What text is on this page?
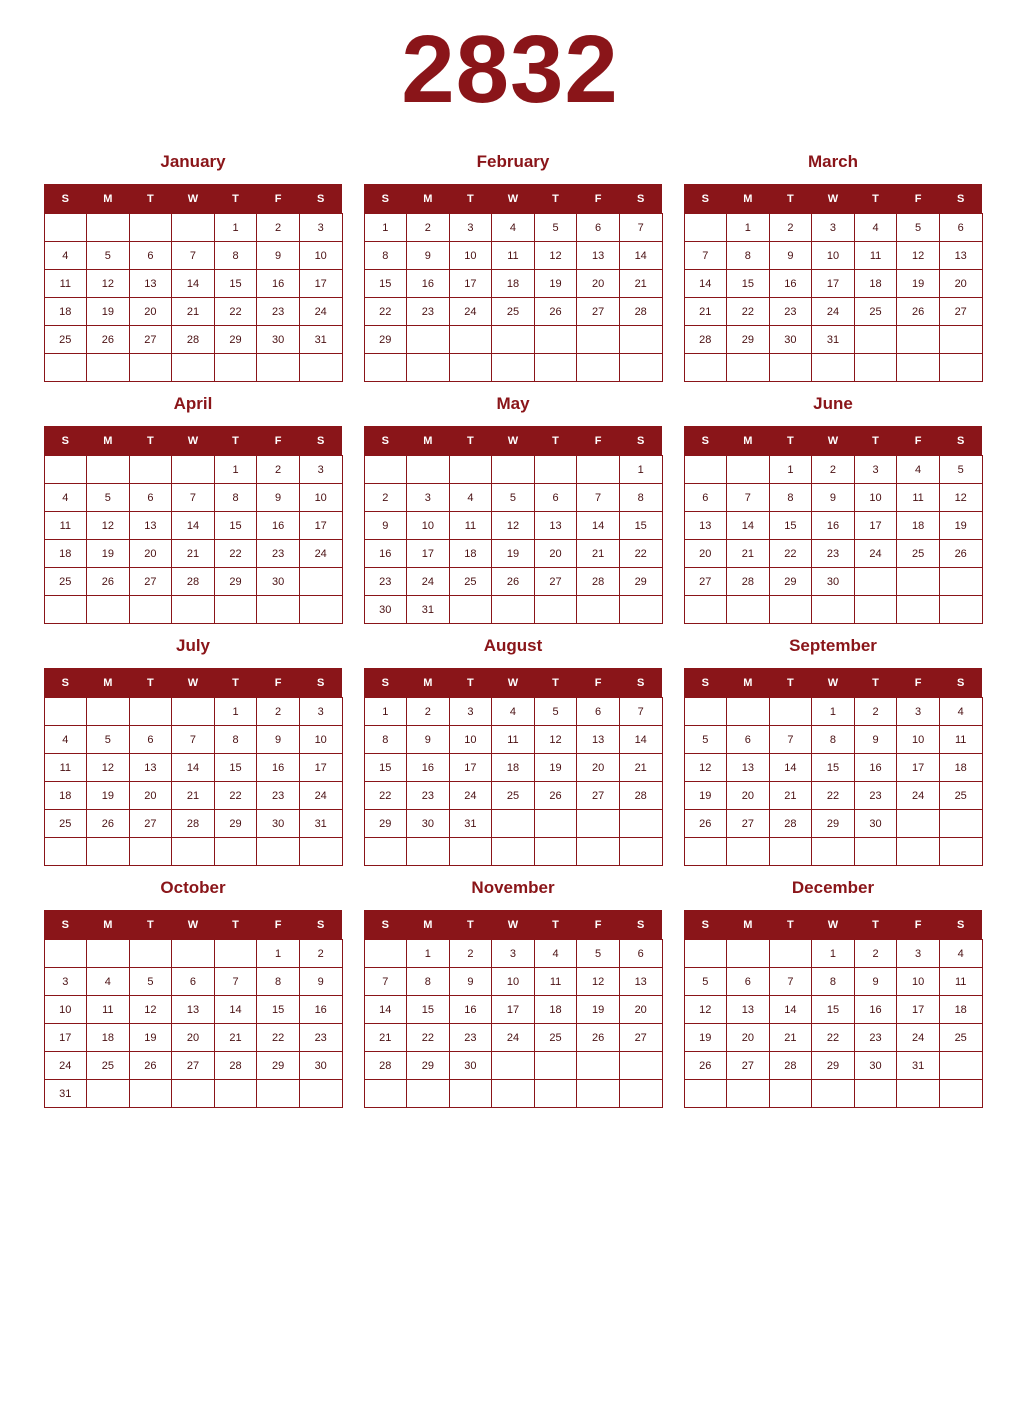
2832
January
S	M	T	W	T	F	S
				1	2	3
4	5	6	7	8	9	10
11	12	13	14	15	16	17
18	19	20	21	22	23	24
25	26	27	28	29	30	31

February
S	M	T	W	T	F	S
1	2	3	4	5	6	7
8	9	10	11	12	13	14
15	16	17	18	19	20	21
22	23	24	25	26	27	28
29						

March
S	M	T	W	T	F	S
	1	2	3	4	5	6
7	8	9	10	11	12	13
14	15	16	17	18	19	20
21	22	23	24	25	26	27
28	29	30	31			

April
S	M	T	W	T	F	S
				1	2	3
4	5	6	7	8	9	10
11	12	13	14	15	16	17
18	19	20	21	22	23	24
25	26	27	28	29	30	

May
S	M	T	W	T	F	S
						1
2	3	4	5	6	7	8
9	10	11	12	13	14	15
16	17	18	19	20	21	22
23	24	25	26	27	28	29
30	31					
June
S	M	T	W	T	F	S
		1	2	3	4	5
6	7	8	9	10	11	12
13	14	15	16	17	18	19
20	21	22	23	24	25	26
27	28	29	30			

July
S	M	T	W	T	F	S
				1	2	3
4	5	6	7	8	9	10
11	12	13	14	15	16	17
18	19	20	21	22	23	24
25	26	27	28	29	30	31

August
S	M	T	W	T	F	S
1	2	3	4	5	6	7
8	9	10	11	12	13	14
15	16	17	18	19	20	21
22	23	24	25	26	27	28
29	30	31				

September
S	M	T	W	T	F	S
			1	2	3	4
5	6	7	8	9	10	11
12	13	14	15	16	17	18
19	20	21	22	23	24	25
26	27	28	29	30		

October
S	M	T	W	T	F	S
					1	2
3	4	5	6	7	8	9
10	11	12	13	14	15	16
17	18	19	20	21	22	23
24	25	26	27	28	29	30
31						
November
S	M	T	W	T	F	S
	1	2	3	4	5	6
7	8	9	10	11	12	13
14	15	16	17	18	19	20
21	22	23	24	25	26	27
28	29	30				

December
S	M	T	W	T	F	S
			1	2	3	4
5	6	7	8	9	10	11
12	13	14	15	16	17	18
19	20	21	22	23	24	25
26	27	28	29	30	31	
